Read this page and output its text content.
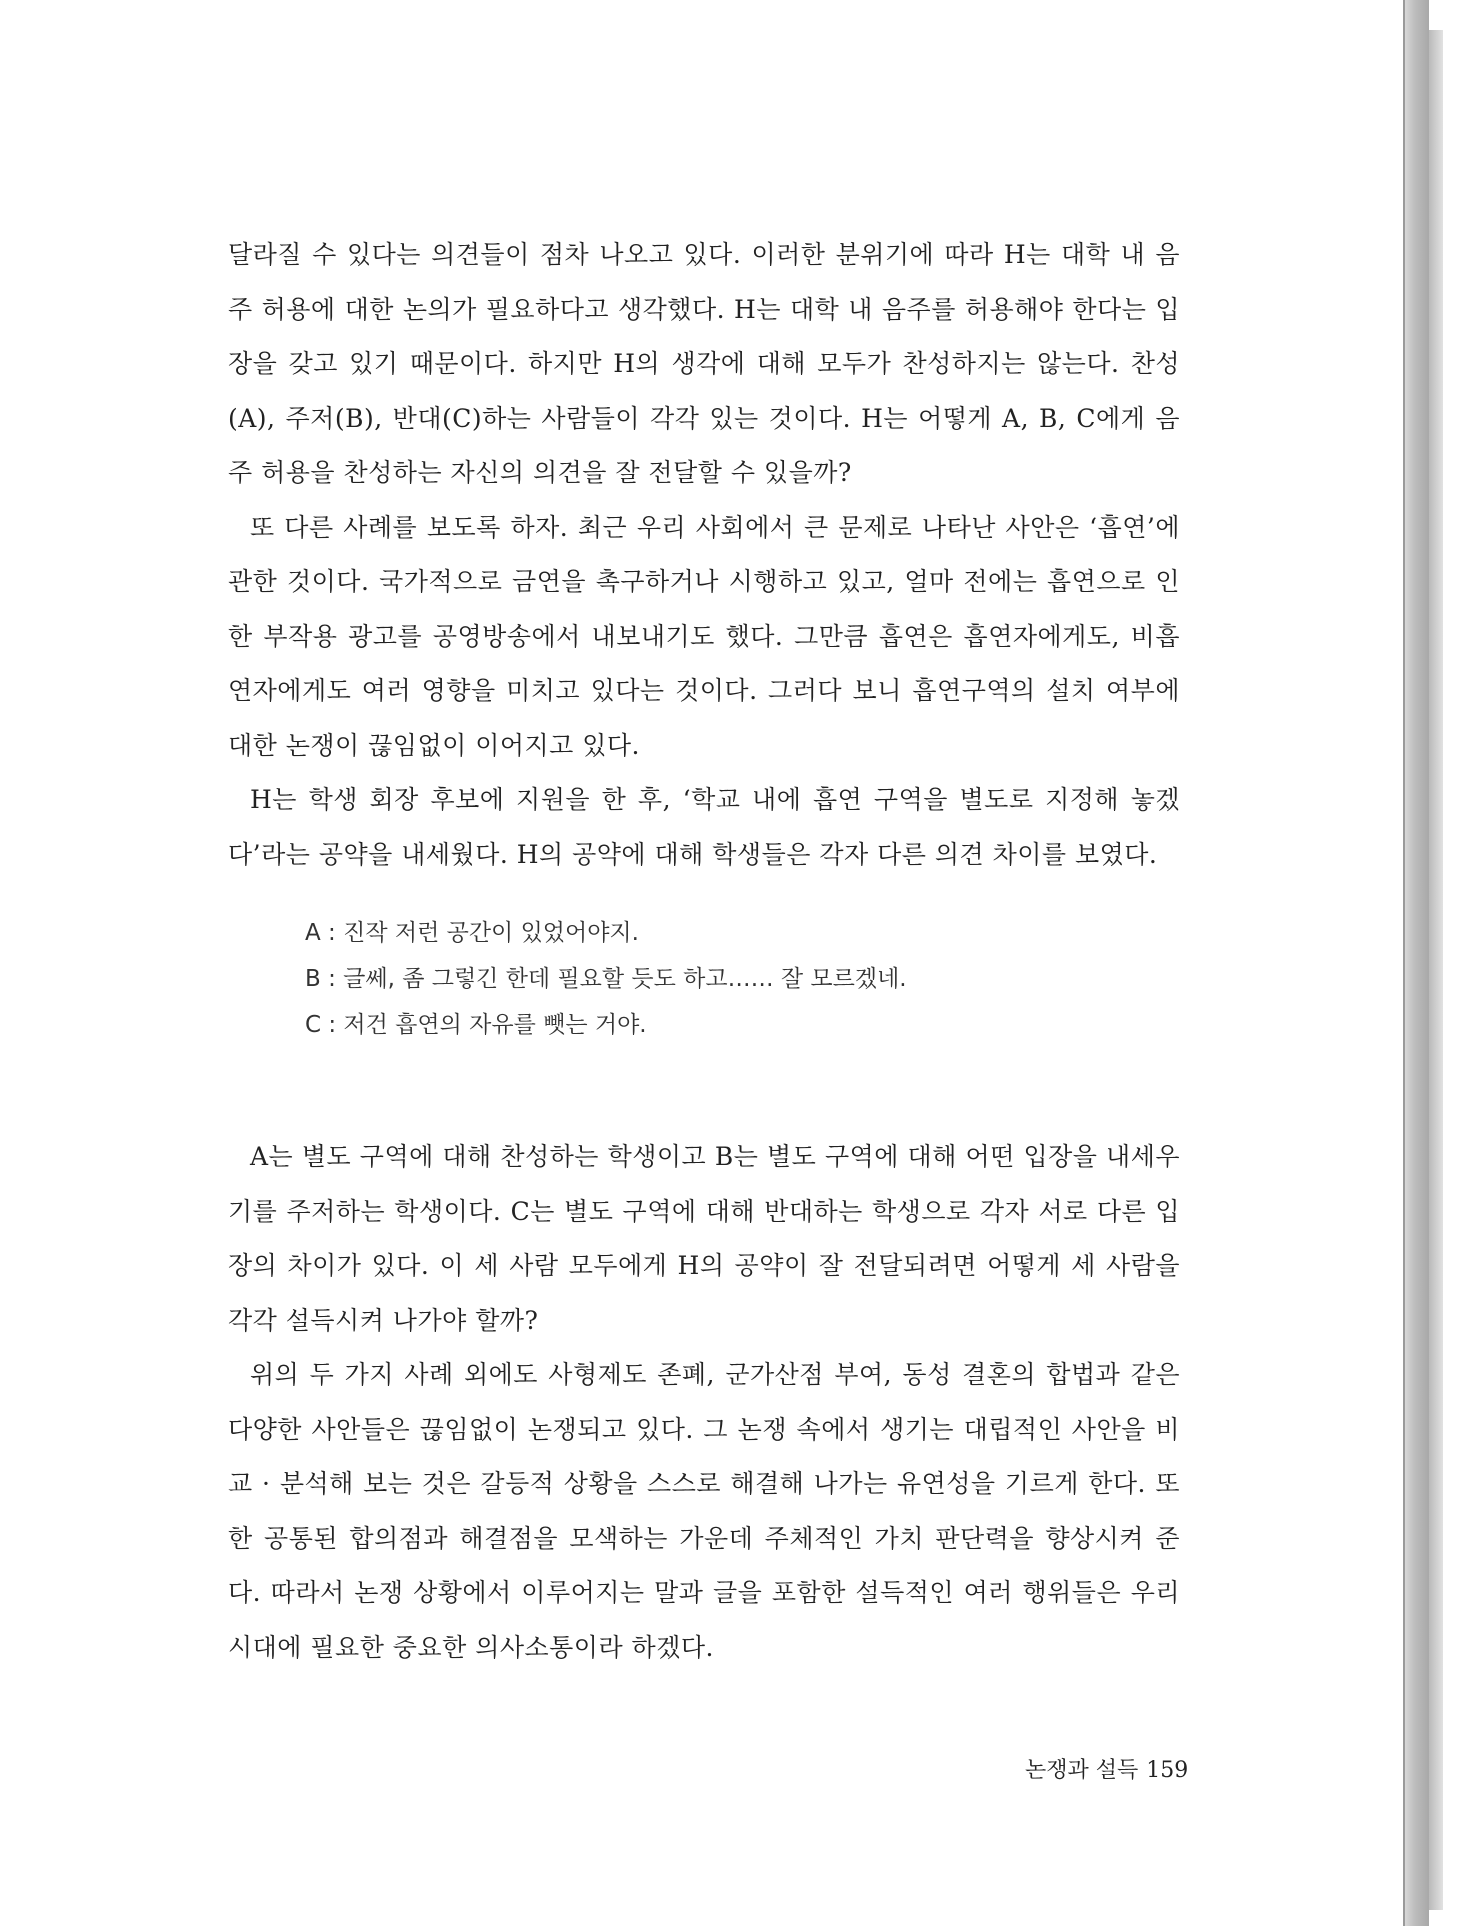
달라질 수 있다는 의견들이 점차 나오고 있다. 이러한 분위기에 따라 H는 대학 내 음주 허용에 대한 논의가 필요하다고 생각했다. H는 대학 내 음주를 허용해야 한다는 입장을 갖고 있기 때문이다. 하지만 H의 생각에 대해 모두가 찬성하지는 않는다. 찬성(A), 주저(B), 반대(C)하는 사람들이 각각 있는 것이다. H는 어떻게 A, B, C에게 음주 허용을 찬성하는 자신의 의견을 잘 전달할 수 있을까?

또 다른 사례를 보도록 하자. 최근 우리 사회에서 큰 문제로 나타난 사안은 ‘흡연’에 관한 것이다. 국가적으로 금연을 촉구하거나 시행하고 있고, 얼마 전에는 흡연으로 인한 부작용 광고를 공영방송에서 내보내기도 했다. 그만큼 흡연은 흡연자에게도, 비흡연자에게도 여러 영향을 미치고 있다는 것이다. 그러다 보니 흡연구역의 설치 여부에 대한 논쟁이 끊임없이 이어지고 있다.

H는 학생 회장 후보에 지원을 한 후, ‘학교 내에 흡연 구역을 별도로 지정해 놓겠다’라는 공약을 내세웠다. H의 공약에 대해 학생들은 각자 다른 의견 차이를 보였다.

A : 진작 저런 공간이 있었어야지.
B : 글쎄, 좀 그렇긴 한데 필요할 듯도 하고…… 잘 모르겠네.
C : 저건 흡연의 자유를 뺏는 거야.

A는 별도 구역에 대해 찬성하는 학생이고 B는 별도 구역에 대해 어떤 입장을 내세우기를 주저하는 학생이다. C는 별도 구역에 대해 반대하는 학생으로 각자 서로 다른 입장의 차이가 있다. 이 세 사람 모두에게 H의 공약이 잘 전달되려면 어떻게 세 사람을 각각 설득시켜 나가야 할까?

위의 두 가지 사례 외에도 사형제도 존폐, 군가산점 부여, 동성 결혼의 합법과 같은 다양한 사안들은 끊임없이 논쟁되고 있다. 그 논쟁 속에서 생기는 대립적인 사안을 비교 · 분석해 보는 것은 갈등적 상황을 스스로 해결해 나가는 유연성을 기르게 한다. 또한 공통된 합의점과 해결점을 모색하는 가운데 주체적인 가치 판단력을 향상시켜 준다. 따라서 논쟁 상황에서 이루어지는 말과 글을 포함한 설득적인 여러 행위들은 우리 시대에 필요한 중요한 의사소통이라 하겠다.

논쟁과 설득 159
